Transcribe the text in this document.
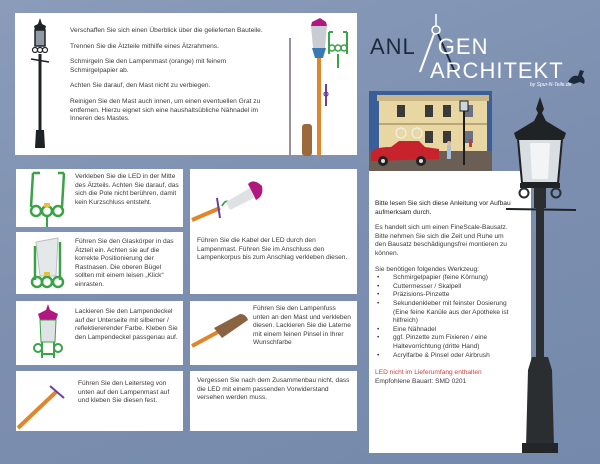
ANL GEN
ARCHITEKT
by Spur-N-Teile.de

Verschaffen Sie sich einen Überblick über die gelieferten Bauteile.

Trennen Sie die Ätzteile mithilfe eines Ätzrahmens.

Schmirgeln Sie den Lampenmast (orange) mit feinem Schmirgelpapier ab.

Achten Sie darauf, den Mast nicht zu verbiegen.

Reinigen Sie den Mast auch innen, um einen eventuellen Grat zu entfernen. Hierzu eignet sich eine haushaltsübliche Nähnadel im Inneren des Mastes.

Verkleben Sie die LED in der Mitte des Ätzteils. Achten Sie darauf, das sich die Pole nicht berühren, damit kein Kurzschluss entsteht.
Führen Sie den Glaskörper in das Ätzteil ein. Achten sie auf die korrekte Positionierung der Rastnasen. Die oberen Bügel sollten mit einem leisen „Klick“ einrasten.
Führen Sie die Kabel der LED durch den Lampenmast. Führen Sie im Anschluss den Lampenkorpus bis zum Anschlag verkleben diesen.
Lackieren Sie den Lampendeckel auf der Unterseite mit silberner / reflektiererender Farbe. Kleben Sie den Lampendeckel passgenau auf.
Führen Sie den Lampenfuss unten an den Mast und verkleben diesen. Lackieren Sie die Laterne mit einem feinen Pinsel in Ihrer Wunschfarbe
Führen Sie den Leitersteg von unten auf den Lampenmast auf und kleben Sie diesen fest.
Vergessen Sie nach dem Zusammenbau nicht, dass die LED mit einem passenden Vorwiderstand versehen werden muss.

Bitte lesen Sie sich diese Anleitung vor Aufbau aufmerksam durch.

Es handelt sich um einen FineScale-Bausatz. Bitte nehmen Sie sich die Zeit und Ruhe um den Bausatz beschädigungsfrei montieren zu können.

Sie benötigen folgendes Werkzeug:

• Schmirgelpapier (feine Körnung)
• Cuttermesser / Skalpell
• Präzisions-Pinzette
• Sekundenkleber mit feinster Dosierung (Eine feine Kanüle aus der Apotheke ist hilfreich)
• Eine Nähnadel
• ggf. Pinzette zum Fixieren / eine Haltevorrichtung (dritte Hand)
• Acrylfarbe & Pinsel oder Airbrush
LED nicht im Lieferumfang enthalten
Empfohlene Bauart: SMD 0201
